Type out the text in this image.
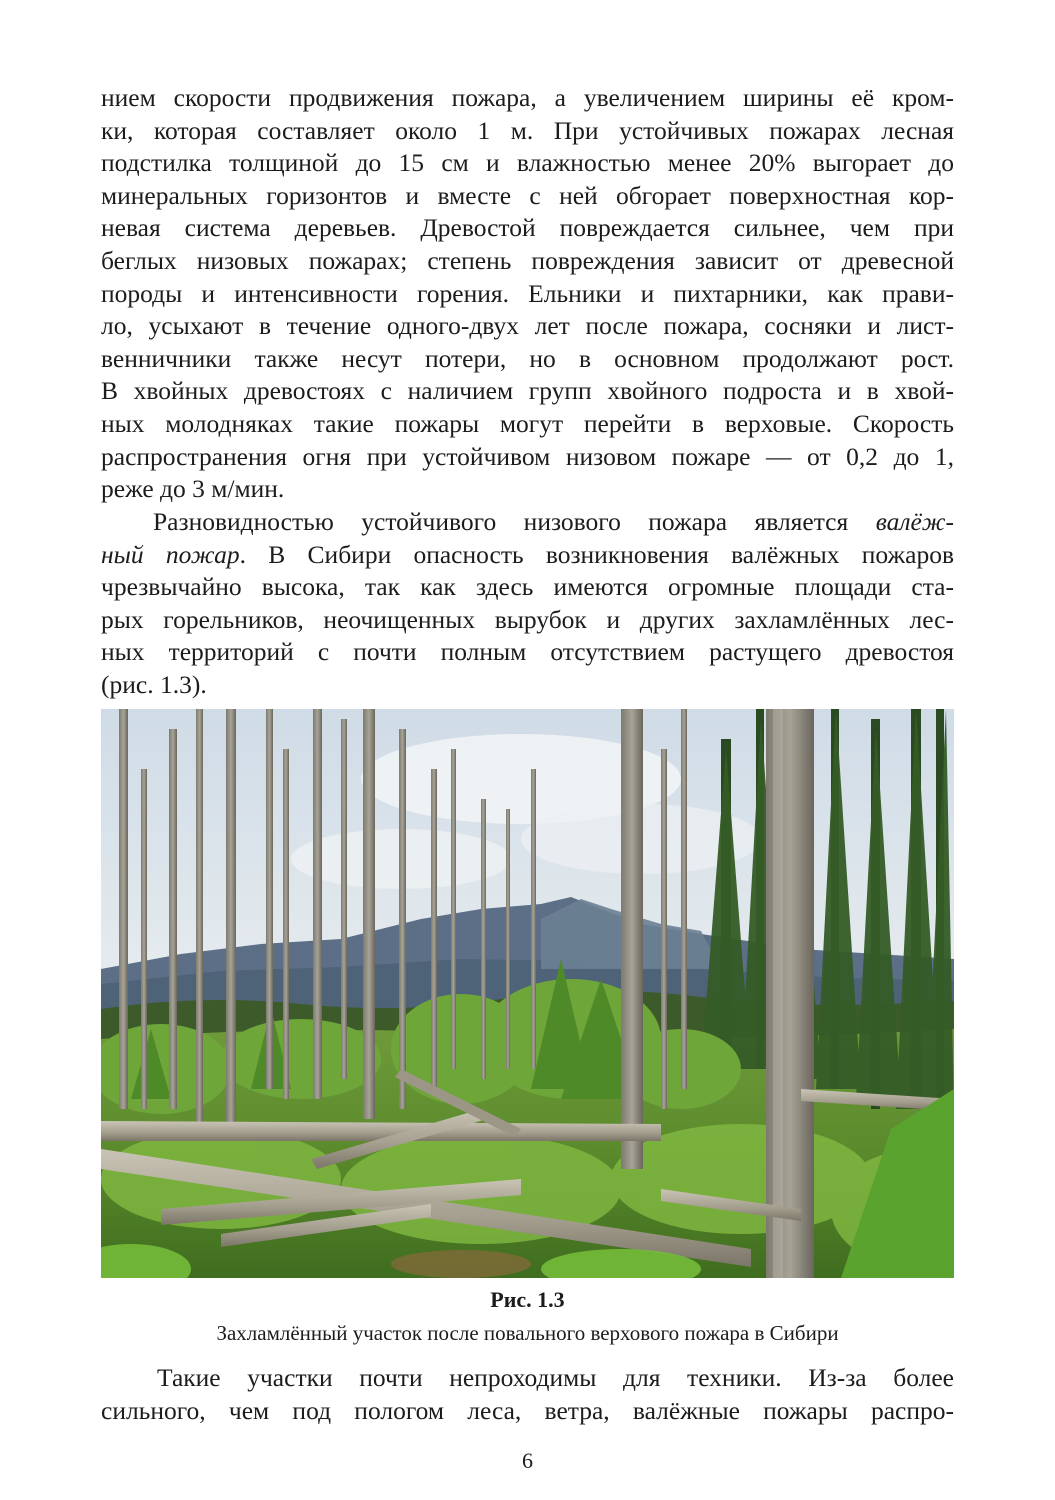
нием скорости продвижения пожара, а увеличением ширины её кром-

ки, которая составляет около 1 м. При устойчивых пожарах лесная

подстилка толщиной до 15 см и влажностью менее 20% выгорает до

минеральных горизонтов и вместе с ней обгорает поверхностная кор-

невая система деревьев. Древостой повреждается сильнее, чем при

беглых низовых пожарах; степень повреждения зависит от древесной

породы и интенсивности горения. Ельники и пихтарники, как прави-

ло, усыхают в течение одного-двух лет после пожара, сосняки и лист-

венничники также несут потери, но в основном продолжают рост.

В хвойных древостоях с наличием групп хвойного подроста и в хвой-

ных молодняках такие пожары могут перейти в верховые. Скорость

распространения огня при устойчивом низовом пожаре — от 0,2 до 1,

реже до 3 м/мин.

Разновидностью устойчивого низового пожара является валёж-

ный пожар. В Сибири опасность возникновения валёжных пожаров

чрезвычайно высока, так как здесь имеются огромные площади ста-

рых горельников, неочищенных вырубок и других захламлённых лес-

ных территорий с почти полным отсутствием растущего древостоя

(рис. 1.3).

Рис. 1.3
Захламлённый участок после повального верхового пожара в Сибири

Такие участки почти непроходимы для техники. Из-за более

сильного, чем под пологом леса, ветра, валёжные пожары распро-

6
